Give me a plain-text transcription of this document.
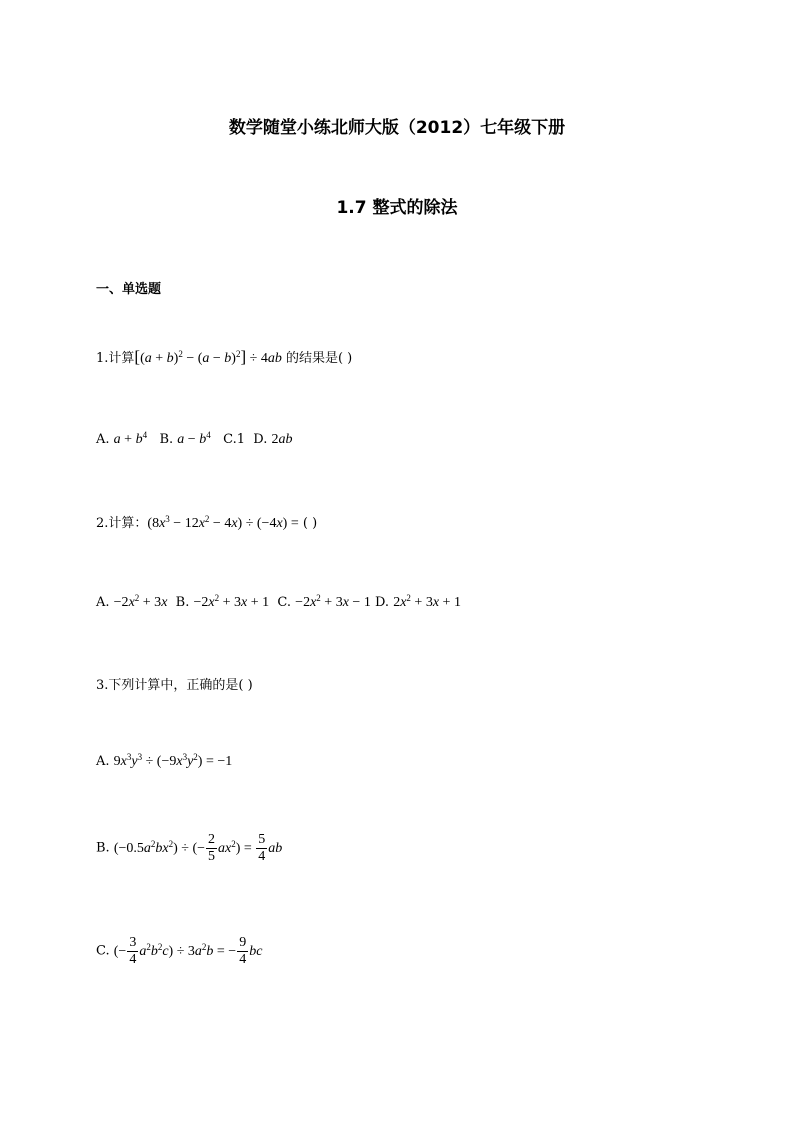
数学随堂小练北师大版（2012）七年级下册
1.7 整式的除法
一、单选题
1.计算$[(a + b)^2 - (a - b)^2] \div 4ab$ 的结果是( )
A. $a + b^4$ B. $a - b^4$ C.1 D. 2ab
2.计算：$(8x^3 - 12x^2 - 4x) \div (-4x)$ = ( )
A. $-2x^2 + 3x$ B. $-2x^2 + 3x + 1$ C. $-2x^2 + 3x - 1$ D. $2x^2 + 3x + 1$
3.下列计算中，正确的是( )
A. $9x^3y^3 \div (-9x^3y^2) = -1$
B. $(-0.5a^2bx^2)$ ÷ (− $\frac{2}{5} ax^2) = \frac{5}{4}$ ab
C. (− $\frac{3}{4} a^2b^2c) \div 3a^2b$ = − $\frac{9}{4}$ bc
